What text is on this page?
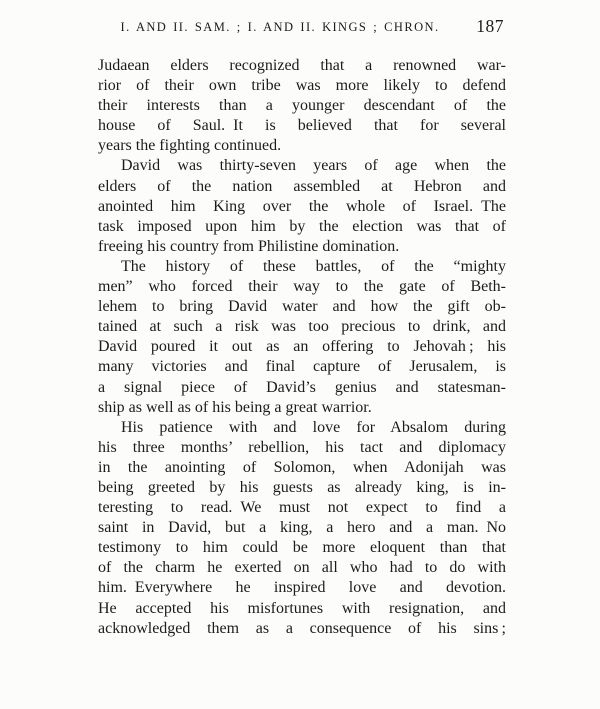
I. AND II. SAM. ; I. AND II. KINGS ; CHRON.	187
Judaean elders recognized that a renowned war-
rior of their own tribe was more likely to defend
their interests than a younger descendant of the
house of Saul. It is believed that for several
years the fighting continued.
David was thirty-seven years of age when the
elders of the nation assembled at Hebron and
anointed him King over the whole of Israel. The
task imposed upon him by the election was that of
freeing his country from Philistine domination.
The history of these battles, of the “mighty
men” who forced their way to the gate of Beth-
lehem to bring David water and how the gift ob-
tained at such a risk was too precious to drink, and
David poured it out as an offering to Jehovah ; his
many victories and final capture of Jerusalem, is
a signal piece of David’s genius and statesman-
ship as well as of his being a great warrior.
His patience with and love for Absalom during
his three months’ rebellion, his tact and diplomacy
in the anointing of Solomon, when Adonijah was
being greeted by his guests as already king, is in-
teresting to read. We must not expect to find a
saint in David, but a king, a hero and a man. No
testimony to him could be more eloquent than that
of the charm he exerted on all who had to do with
him. Everywhere he inspired love and devotion.
He accepted his misfortunes with resignation, and
acknowledged them as a consequence of his sins ;
